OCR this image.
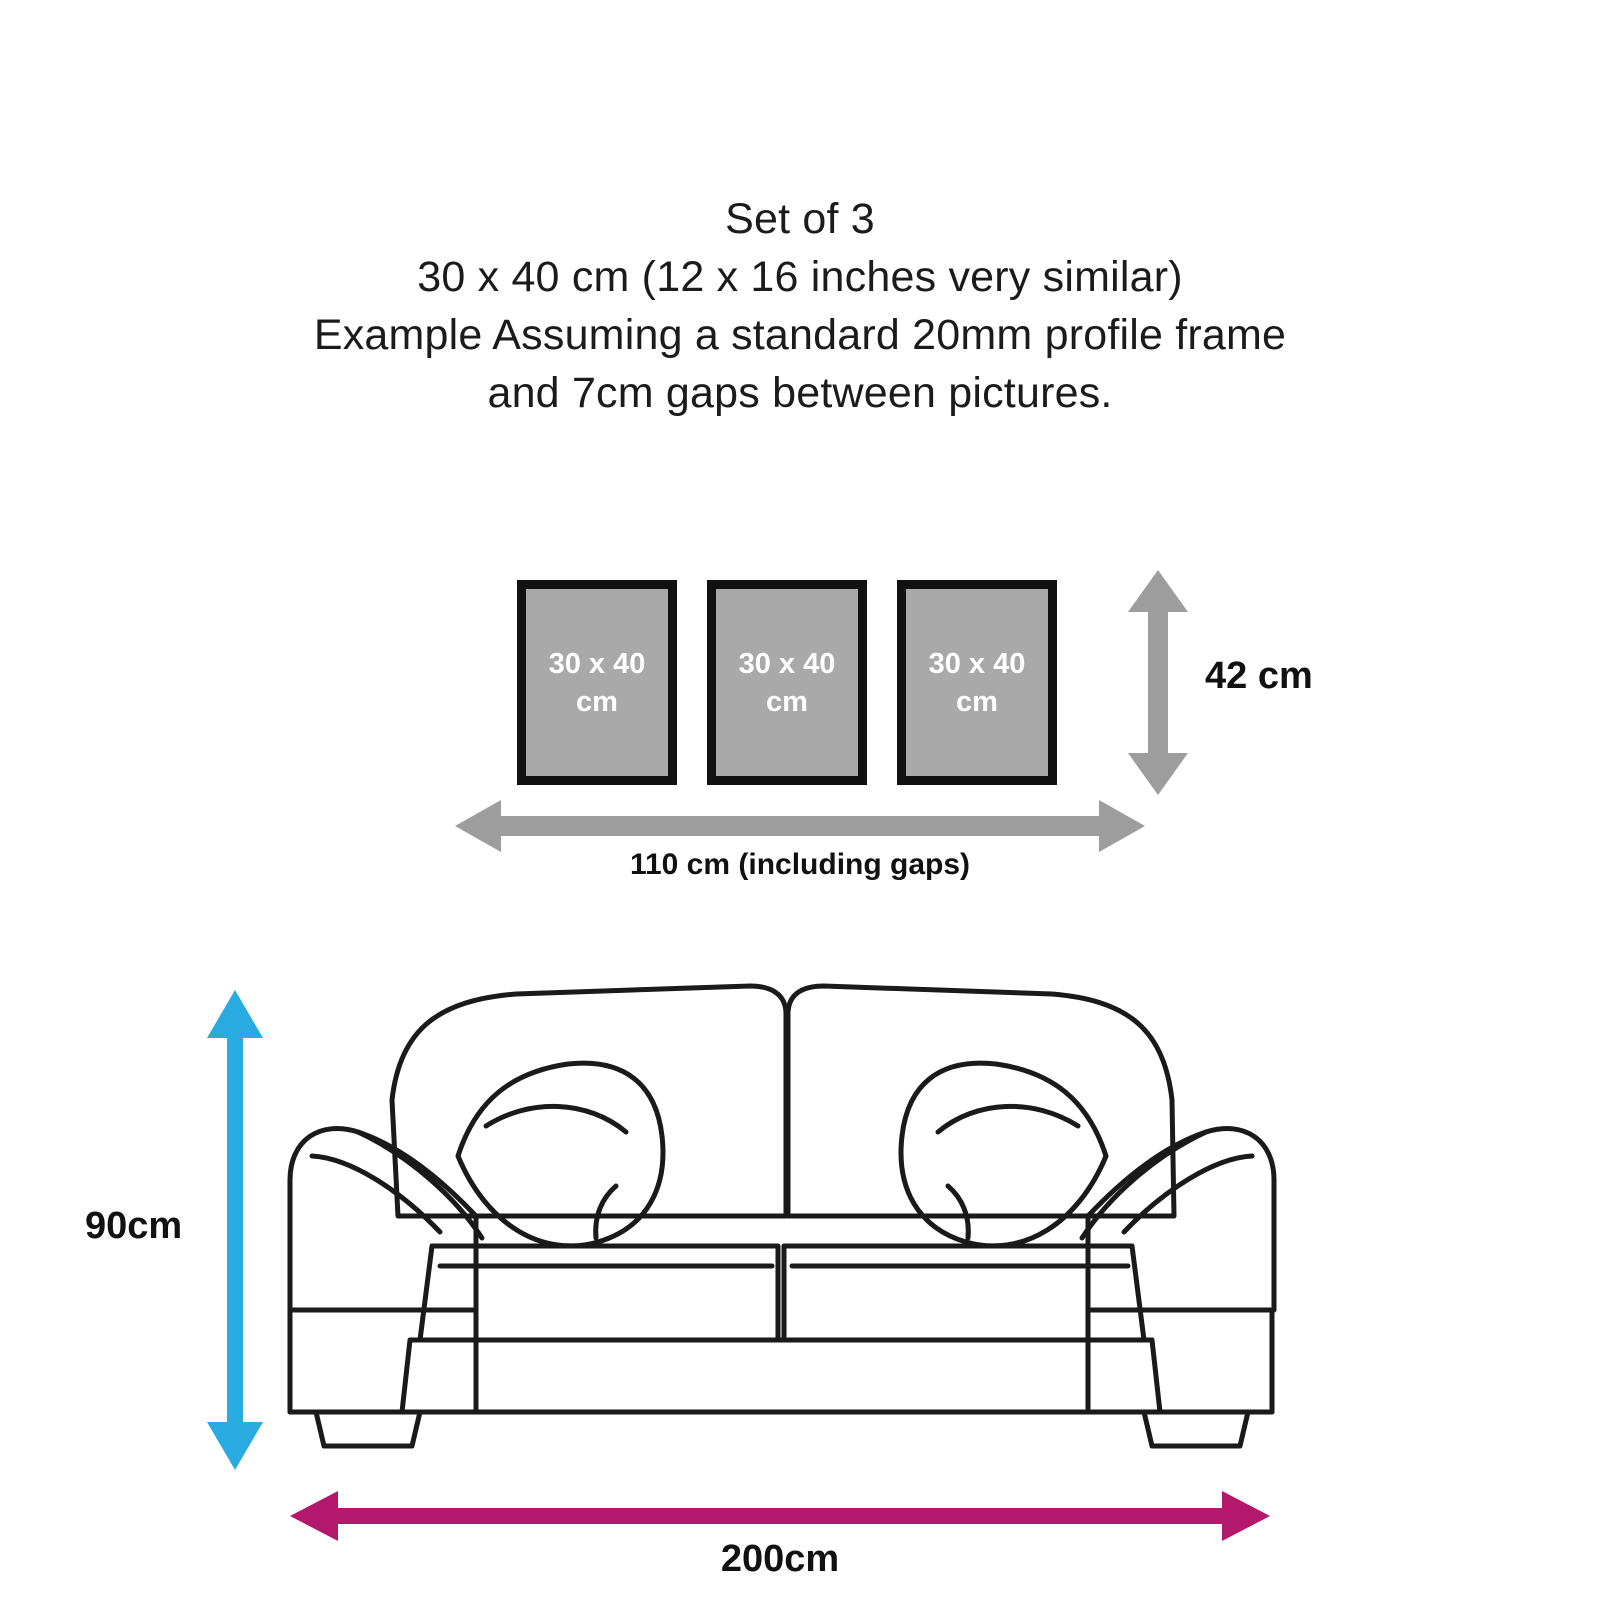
Set of 3
30 x 40 cm (12 x 16 inches very similar)
Example Assuming a standard 20mm profile frame
and 7cm gaps between pictures.
30 x 40
cm
30 x 40
cm
30 x 40
cm
110 cm (including gaps)
42 cm
90cm
200cm
